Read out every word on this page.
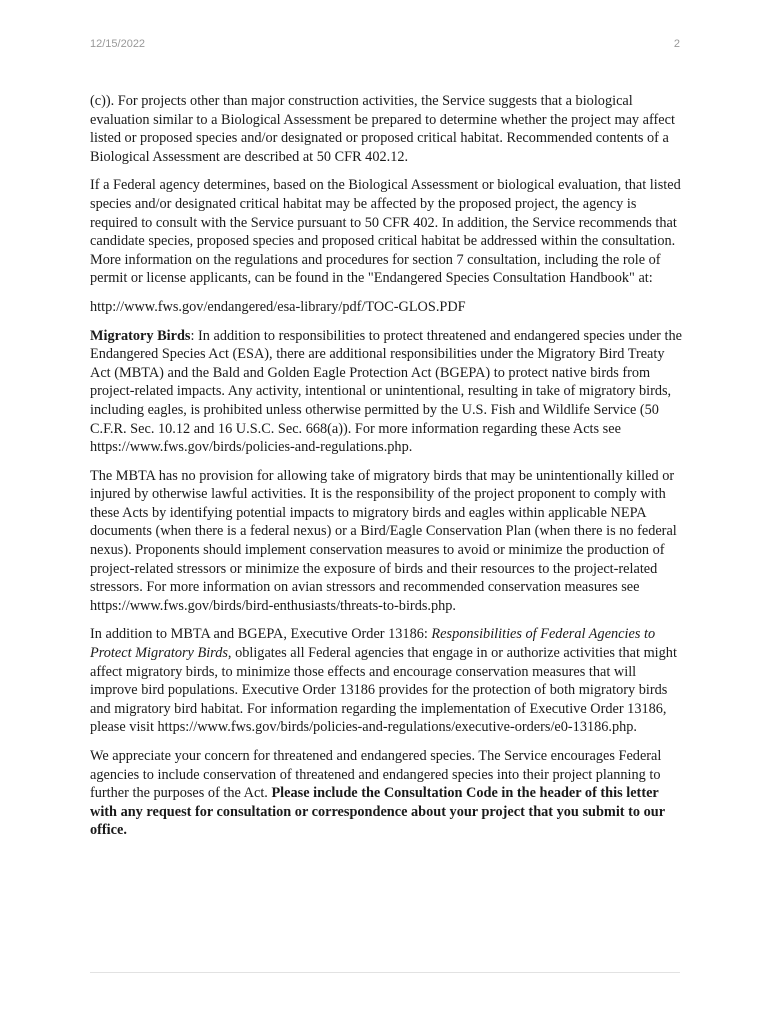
12/15/2022	2

(c)). For projects other than major construction activities, the Service suggests that a biological evaluation similar to a Biological Assessment be prepared to determine whether the project may affect listed or proposed species and/or designated or proposed critical habitat. Recommended contents of a Biological Assessment are described at 50 CFR 402.12.

If a Federal agency determines, based on the Biological Assessment or biological evaluation, that listed species and/or designated critical habitat may be affected by the proposed project, the agency is required to consult with the Service pursuant to 50 CFR 402. In addition, the Service recommends that candidate species, proposed species and proposed critical habitat be addressed within the consultation. More information on the regulations and procedures for section 7 consultation, including the role of permit or license applicants, can be found in the "Endangered Species Consultation Handbook" at:

http://www.fws.gov/endangered/esa-library/pdf/TOC-GLOS.PDF

Migratory Birds: In addition to responsibilities to protect threatened and endangered species under the Endangered Species Act (ESA), there are additional responsibilities under the Migratory Bird Treaty Act (MBTA) and the Bald and Golden Eagle Protection Act (BGEPA) to protect native birds from project-related impacts. Any activity, intentional or unintentional, resulting in take of migratory birds, including eagles, is prohibited unless otherwise permitted by the U.S. Fish and Wildlife Service (50 C.F.R. Sec. 10.12 and 16 U.S.C. Sec. 668(a)). For more information regarding these Acts see https://www.fws.gov/birds/policies-and-regulations.php.

The MBTA has no provision for allowing take of migratory birds that may be unintentionally killed or injured by otherwise lawful activities. It is the responsibility of the project proponent to comply with these Acts by identifying potential impacts to migratory birds and eagles within applicable NEPA documents (when there is a federal nexus) or a Bird/Eagle Conservation Plan (when there is no federal nexus). Proponents should implement conservation measures to avoid or minimize the production of project-related stressors or minimize the exposure of birds and their resources to the project-related stressors. For more information on avian stressors and recommended conservation measures see https://www.fws.gov/birds/bird-enthusiasts/threats-to-birds.php.

In addition to MBTA and BGEPA, Executive Order 13186: Responsibilities of Federal Agencies to Protect Migratory Birds, obligates all Federal agencies that engage in or authorize activities that might affect migratory birds, to minimize those effects and encourage conservation measures that will improve bird populations. Executive Order 13186 provides for the protection of both migratory birds and migratory bird habitat. For information regarding the implementation of Executive Order 13186, please visit https://www.fws.gov/birds/policies-and-regulations/executive-orders/e0-13186.php.

We appreciate your concern for threatened and endangered species. The Service encourages Federal agencies to include conservation of threatened and endangered species into their project planning to further the purposes of the Act. Please include the Consultation Code in the header of this letter with any request for consultation or correspondence about your project that you submit to our office.
